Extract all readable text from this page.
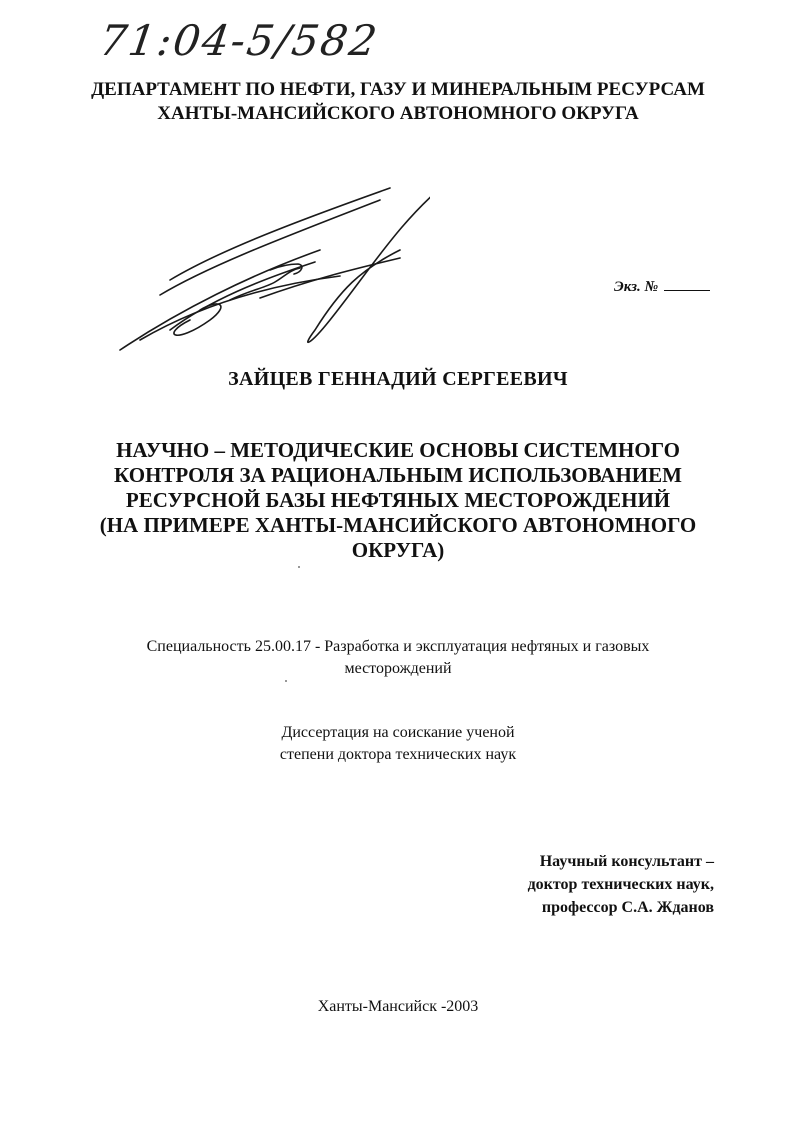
71:04-5/582
ДЕПАРТАМЕНТ ПО НЕФТИ, ГАЗУ И МИНЕРАЛЬНЫМ РЕСУРСАМ
ХАНТЫ-МАНСИЙСКОГО АВТОНОМНОГО ОКРУГА
Экз. №
ЗАЙЦЕВ ГЕННАДИЙ СЕРГЕЕВИЧ
НАУЧНО – МЕТОДИЧЕСКИЕ ОСНОВЫ СИСТЕМНОГО
КОНТРОЛЯ ЗА РАЦИОНАЛЬНЫМ ИСПОЛЬЗОВАНИЕМ
РЕСУРСНОЙ БАЗЫ НЕФТЯНЫХ МЕСТОРОЖДЕНИЙ
(НА ПРИМЕРЕ ХАНТЫ-МАНСИЙСКОГО АВТОНОМНОГО
ОКРУГА)
Специальность 25.00.17 - Разработка и эксплуатация нефтяных и газовых
месторождений
Диссертация на соискание ученой
степени доктора технических наук
Научный консультант –
доктор технических наук,
профессор С.А. Жданов
Ханты-Мансийск -2003
